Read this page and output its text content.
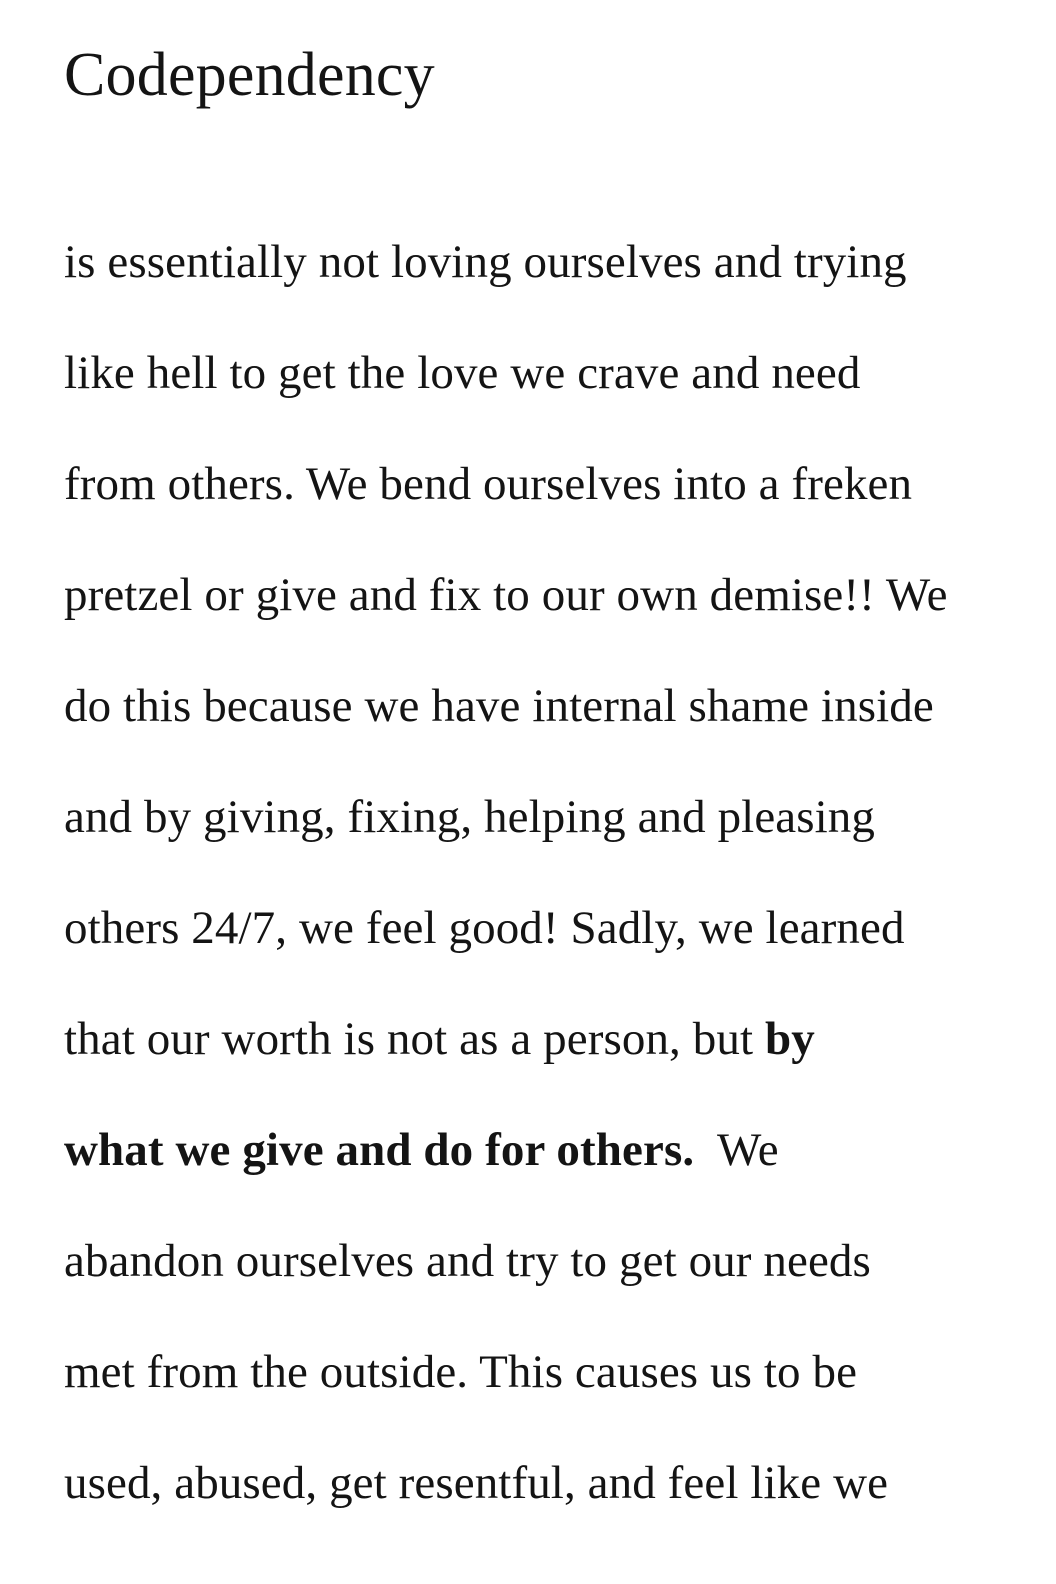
Codependency
is essentially not loving ourselves and trying
like hell to get the love we crave and need
from others. We bend ourselves into a freken
pretzel or give and fix to our own demise!! We
do this because we have internal shame inside
and by giving, fixing, helping and pleasing
others 24/7, we feel good! Sadly, we learned
that our worth is not as a person, but by
what we give and do for others.  We
abandon ourselves and try to get our needs
met from the outside. This causes us to be
used, abused, get resentful, and feel like we
